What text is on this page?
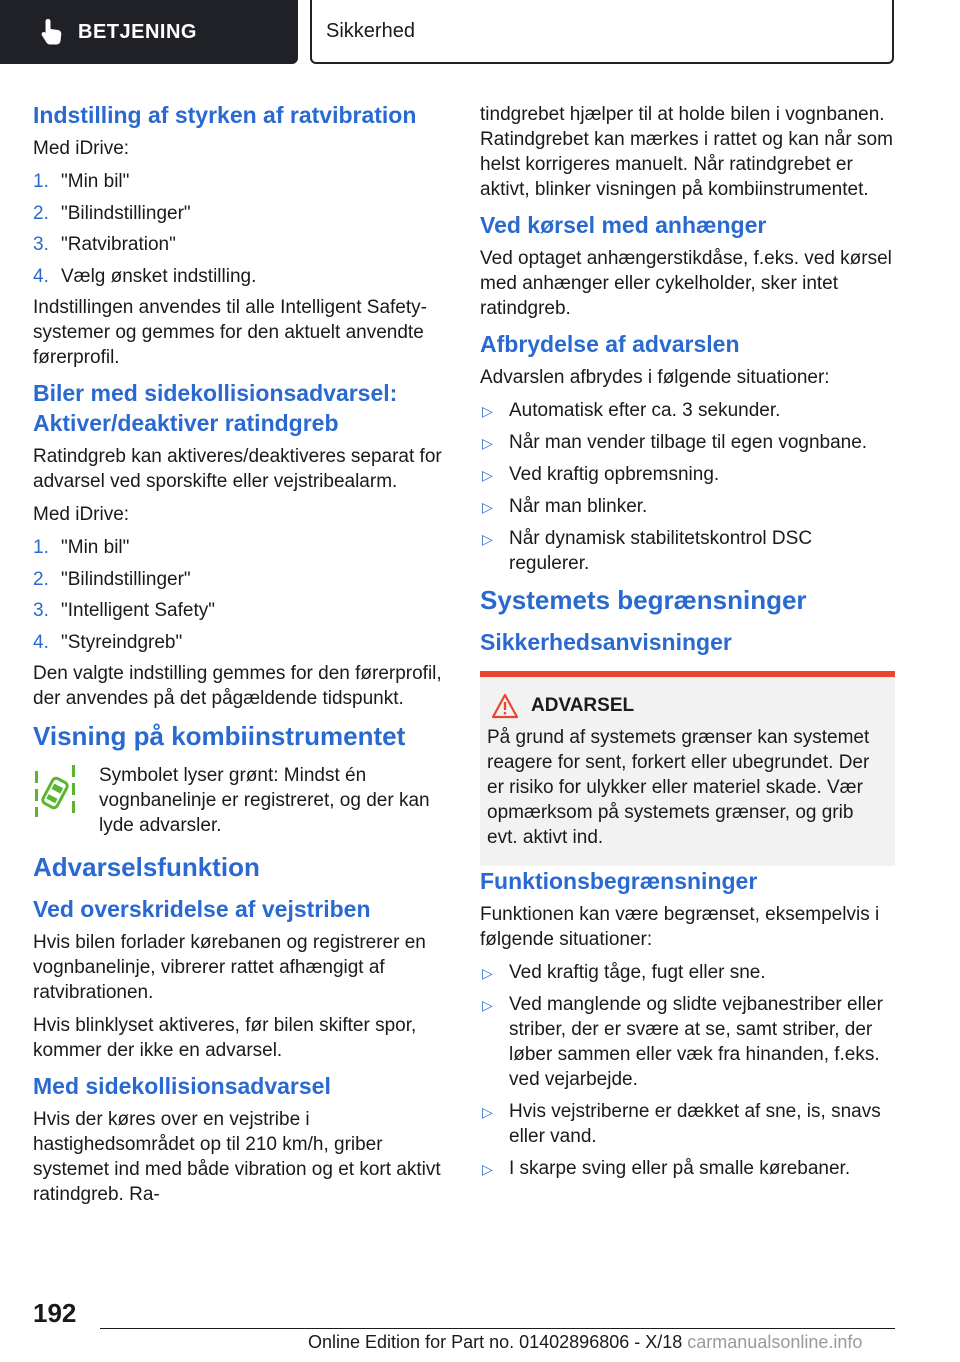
BETJENING	Sikkerhed
Indstilling af styrken af ratvibration

Med iDrive:

1. "Min bil"
2. "Bilindstillinger"
3. "Ratvibration"
4. Vælg ønsket indstilling.

Indstillingen anvendes til alle Intelligent Safety-systemer og gemmes for den aktuelt anvendte førerprofil.

Biler med sidekollisionsadvarsel: Aktiver/deaktiver ratindgreb

Ratindgreb kan aktiveres/deaktiveres separat for advarsel ved sporskifte eller vejstribealarm.

Med iDrive:

1. "Min bil"
2. "Bilindstillinger"
3. "Intelligent Safety"
4. "Styreindgreb"

Den valgte indstilling gemmes for den førerprofil, der anvendes på det pågældende tidspunkt.

Visning på kombiinstrumentet

Symbolet lyser grønt: Mindst én vognbanelinje er registreret, og der kan lyde advarsler.

Advarselsfunktion
Ved overskridelse af vejstriben

Hvis bilen forlader kørebanen og registrerer en vognbanelinje, vibrerer rattet afhængigt af ratvibrationen.

Hvis blinklyset aktiveres, før bilen skifter spor, kommer der ikke en advarsel.

Med sidekollisionsadvarsel

Hvis der køres over en vejstribe i hastighedsområdet op til 210 km/h, griber systemet ind med både vibration og et kort aktivt ratindgreb. Ra-

tindgrebet hjælper til at holde bilen i vognbanen. Ratindgrebet kan mærkes i rattet og kan når som helst korrigeres manuelt. Når ratindgrebet er aktivt, blinker visningen på kombiinstrumentet.

Ved kørsel med anhænger

Ved optaget anhængerstikdåse, f.eks. ved kørsel med anhænger eller cykelholder, sker intet ratindgreb.

Afbrydelse af advarslen

Advarslen afbrydes i følgende situationer:

▷ Automatisk efter ca. 3 sekunder.
▷ Når man vender tilbage til egen vognbane.
▷ Ved kraftig opbremsning.
▷ Når man blinker.
▷ Når dynamisk stabilitetskontrol DSC regulerer.
Systemets begrænsninger
Sikkerhedsanvisninger
ADVARSEL

På grund af systemets grænser kan systemet reagere for sent, forkert eller ubegrundet. Der er risiko for ulykker eller materiel skade. Vær opmærksom på systemets grænser, og grib evt. aktivt ind.

Funktionsbegrænsninger

Funktionen kan være begrænset, eksempelvis i følgende situationer:

▷ Ved kraftig tåge, fugt eller sne.
▷ Ved manglende og slidte vejbanestriber eller striber, der er svære at se, samt striber, der løber sammen eller væk fra hinanden, f.eks. ved vejarbejde.
▷ Hvis vejstriberne er dækket af sne, is, snavs eller vand.
▷ I skarpe sving eller på smalle kørebaner.
192
Online Edition for Part no. 01402896806 - X/18 carmanualsonline.info
